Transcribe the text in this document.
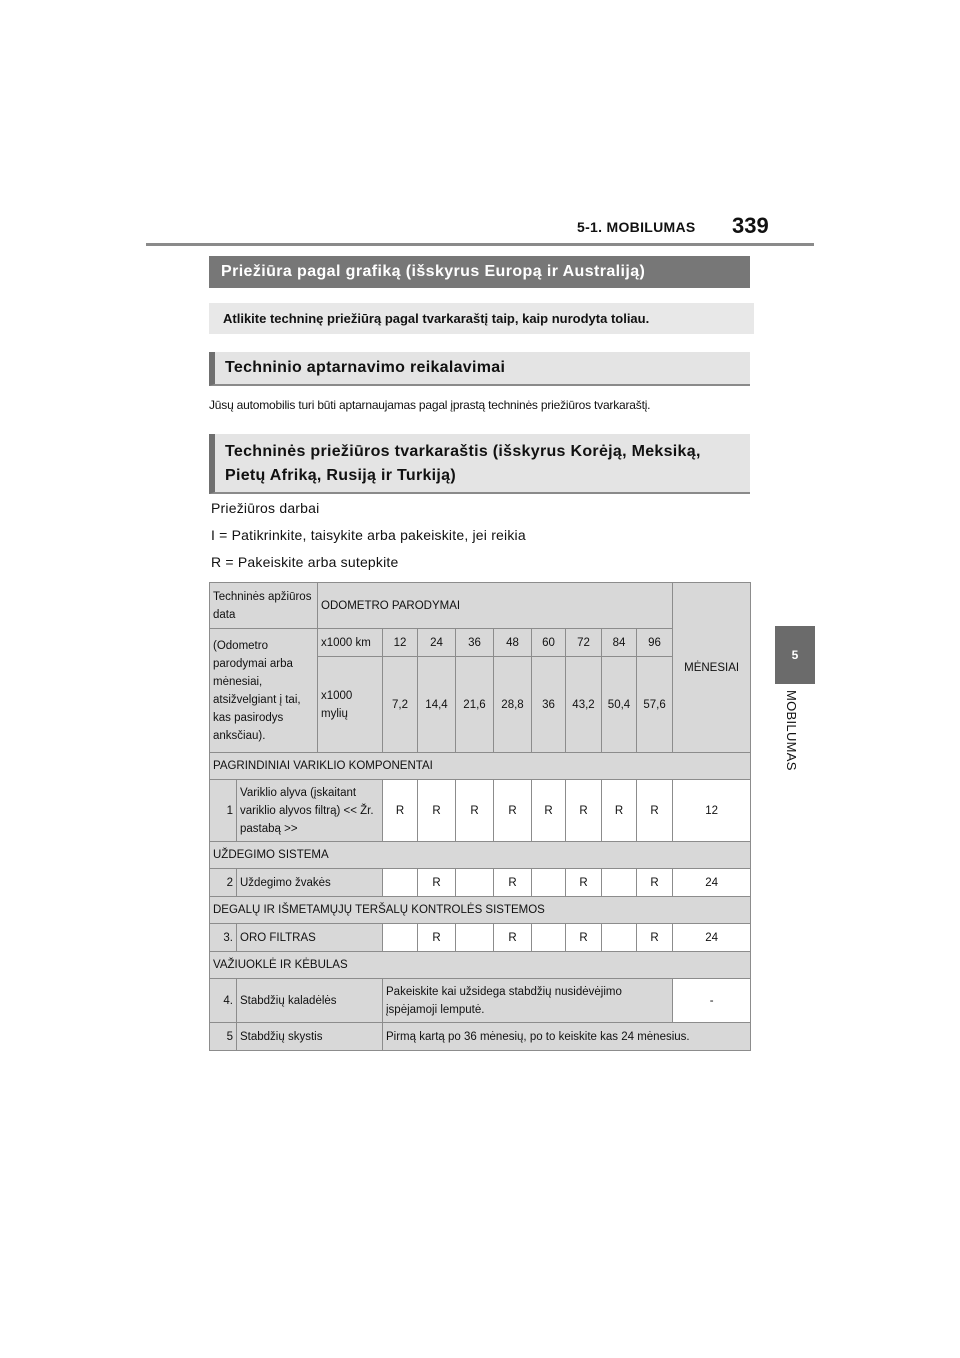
5-1. MOBILUMAS 339
5
MOBILUMAS
Priežiūra pagal grafiką (išskyrus Europą ir Australiją)
Atlikite techninę priežiūrą pagal tvarkaraštį taip, kaip nurodyta toliau.
Techninio aptarnavimo reikalavimai
Jūsų automobilis turi būti aptarnaujamas pagal įprastą techninės priežiūros tvarkaraštį.
Techninės priežiūros tvarkaraštis (išskyrus Korėją, Meksiką,
Pietų Afriką, Rusiją ir Turkiją)
Priežiūros darbai
I = Patikrinkite, taisykite arba pakeiskite, jei reikia
R = Pakeiskite arba sutepkite
Techninės apžiūros data		ODOMETRO PARODYMAI									MĖNESIAI
(Odometro parodymai arba mėnesiai, atsižvelgiant į tai, kas pasirodys anksčiau).		x1000 km	12	24	36	48	60	72	84	96	
		x1000 mylių	7,2	14,4	21,6	28,8	36	43,2	50,4	57,6	
PAGRINDINIAI VARIKLIO KOMPONENTAI											
1	Variklio alyva (įskaitant variklio alyvos filtrą) << Žr. pastabą >>		R	R	R	R	R	R	R	R	12
UŽDEGIMO SISTEMA											
2	Uždegimo žvakės			R		R		R		R	24
DEGALŲ IR IŠMETAMŲJŲ TERŠALŲ KONTROLĖS SISTEMOS											
3.	ORO FILTRAS			R		R		R		R	24
VAŽIUOKLĖ IR KĖBULAS											
4.	Stabdžių kaladėlės		Pakeiskite kai užsidega stabdžių nusidėvėjimo įspėjamoji lemputė.								-
5	Stabdžių skystis		Pirmą kartą po 36 mėnesių, po to keiskite kas 24 mėnesius.								
